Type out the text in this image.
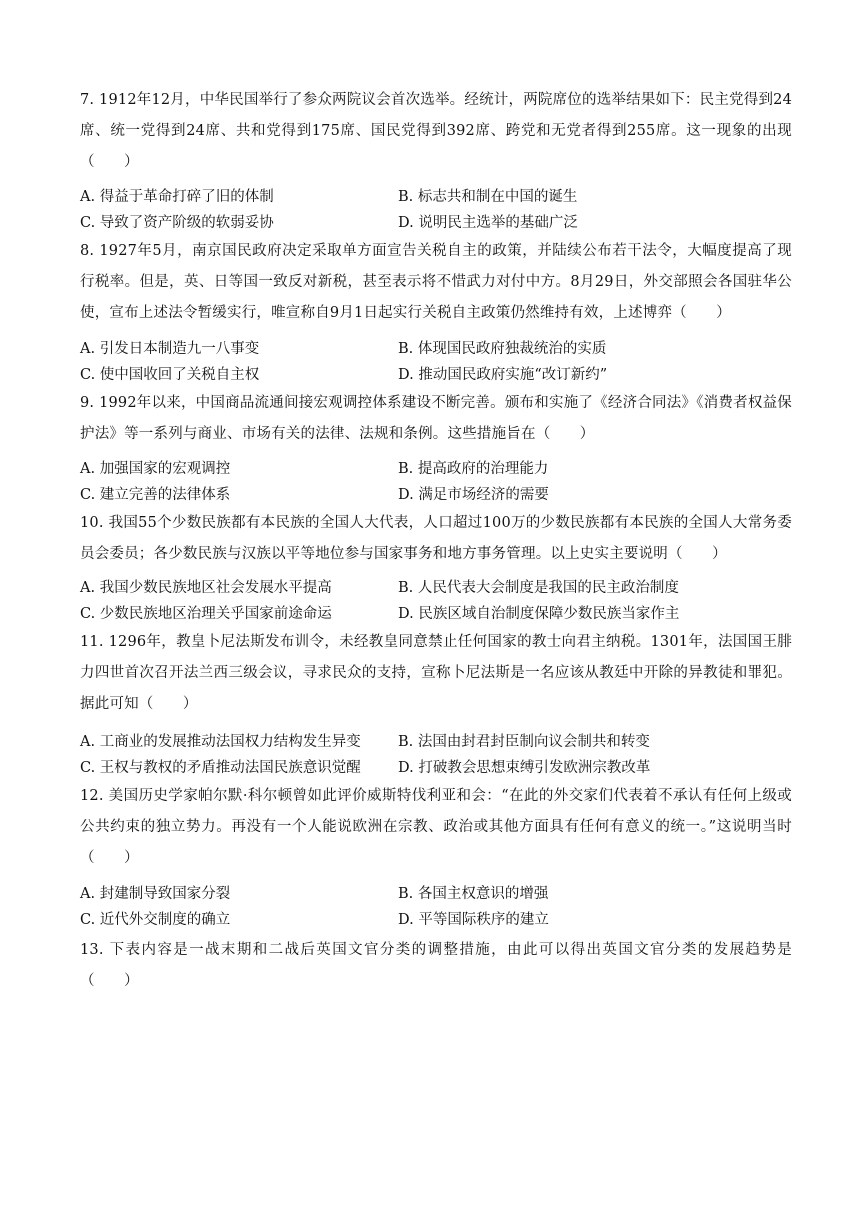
7. 1912年12月，中华民国举行了参众两院议会首次选举。经统计，两院席位的选举结果如下：民主党得到24席、统一党得到24席、共和党得到175席、国民党得到392席、跨党和无党者得到255席。这一现象的出现（　　）
A. 得益于革命打碎了旧的体制	B. 标志共和制在中国的诞生
C. 导致了资产阶级的软弱妥协	D. 说明民主选举的基础广泛
8. 1927年5月，南京国民政府决定采取单方面宣告关税自主的政策，并陆续公布若干法令，大幅度提高了现行税率。但是，英、日等国一致反对新税，甚至表示将不惜武力对付中方。8月29日，外交部照会各国驻华公使，宣布上述法令暂缓实行，唯宣称自9月1日起实行关税自主政策仍然维持有效，上述博弈（　　）
A. 引发日本制造九一八事变	B. 体现国民政府独裁统治的实质
C. 使中国收回了关税自主权	D. 推动国民政府实施“改订新约”
9. 1992年以来，中国商品流通间接宏观调控体系建设不断完善。颁布和实施了《经济合同法》《消费者权益保护法》等一系列与商业、市场有关的法律、法规和条例。这些措施旨在（　　）
A. 加强国家的宏观调控	B. 提高政府的治理能力
C. 建立完善的法律体系	D. 满足市场经济的需要
10. 我国55个少数民族都有本民族的全国人大代表，人口超过100万的少数民族都有本民族的全国人大常务委员会委员；各少数民族与汉族以平等地位参与国家事务和地方事务管理。以上史实主要说明（　　）
A. 我国少数民族地区社会发展水平提高	B. 人民代表大会制度是我国的民主政治制度
C. 少数民族地区治理关乎国家前途命运	D. 民族区域自治制度保障少数民族当家作主
11. 1296年，教皇卜尼法斯发布训令，未经教皇同意禁止任何国家的教士向君主纳税。1301年，法国国王腓力四世首次召开法兰西三级会议，寻求民众的支持，宣称卜尼法斯是一名应该从教廷中开除的异教徒和罪犯。据此可知（　　）
A. 工商业的发展推动法国权力结构发生异变	B. 法国由封君封臣制向议会制共和转变
C. 王权与教权的矛盾推动法国民族意识觉醒	D. 打破教会思想束缚引发欧洲宗教改革
12. 美国历史学家帕尔默·科尔顿曾如此评价威斯特伐利亚和会：“在此的外交家们代表着不承认有任何上级或公共约束的独立势力。再没有一个人能说欧洲在宗教、政治或其他方面具有任何有意义的统一。”这说明当时（　　）
A. 封建制导致国家分裂	B. 各国主权意识的增强
C. 近代外交制度的确立	D. 平等国际秩序的建立
13. 下表内容是一战末期和二战后英国文官分类的调整措施，由此可以得出英国文官分类的发展趋势是（　　）
